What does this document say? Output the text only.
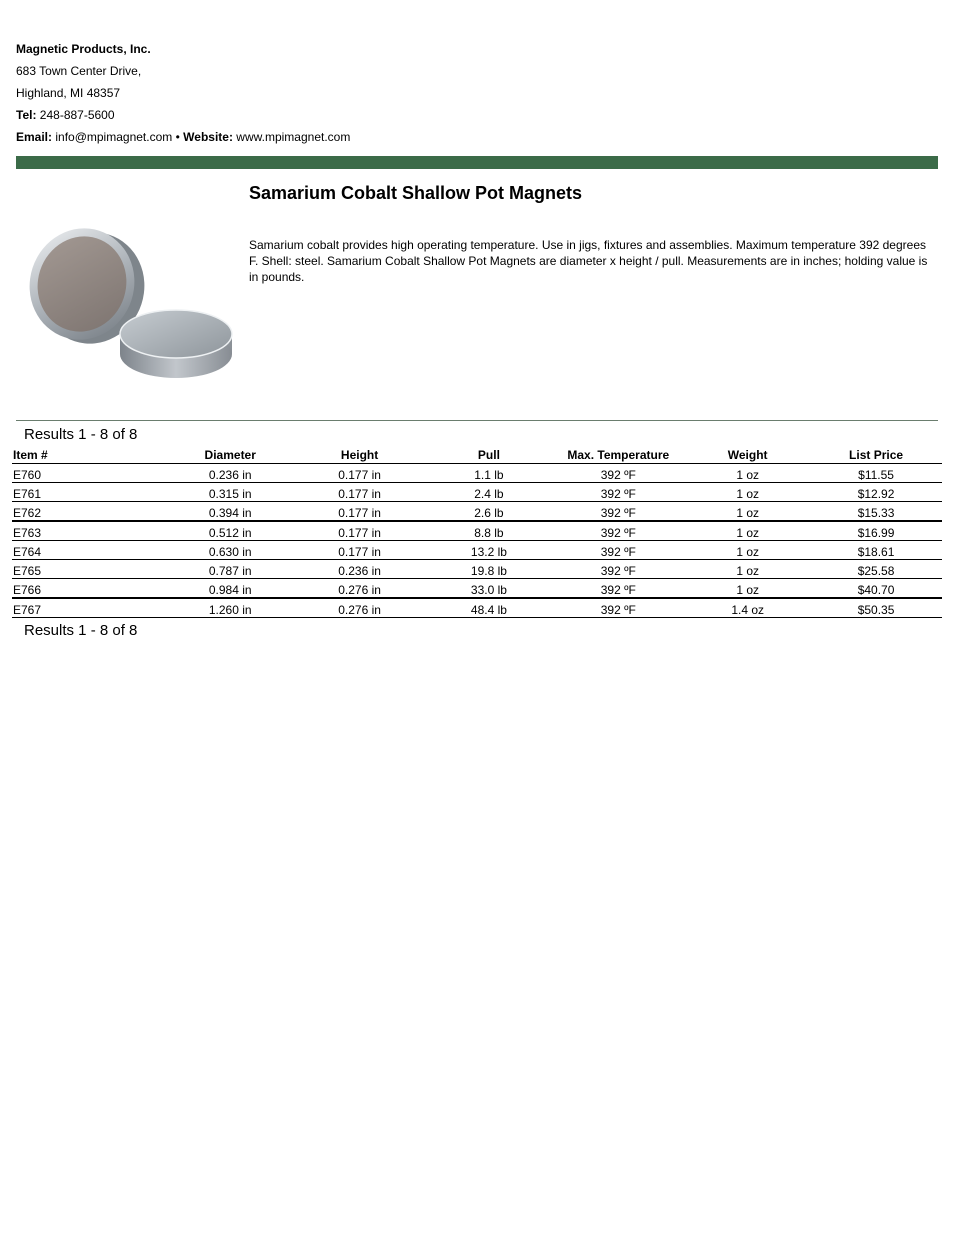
Magnetic Products, Inc.
683 Town Center Drive,
Highland, MI 48357
Tel: 248-887-5600
Email: info@mpimagnet.com • Website: www.mpimagnet.com
Samarium Cobalt Shallow Pot Magnets
Samarium cobalt provides high operating temperature. Use in jigs, fixtures and assemblies. Maximum temperature 392 degrees F. Shell: steel. Samarium Cobalt Shallow Pot Magnets are diameter x height / pull. Measurements are in inches; holding value is in pounds.
Results 1 - 8 of 8
Item #	Diameter	Height	Pull	Max. Temperature	Weight	List Price
E760	0.236 in	0.177 in	1.1 lb	392 ºF	1 oz	$11.55
E761	0.315 in	0.177 in	2.4 lb	392 ºF	1 oz	$12.92
E762	0.394 in	0.177 in	2.6 lb	392 ºF	1 oz	$15.33
E763	0.512 in	0.177 in	8.8 lb	392 ºF	1 oz	$16.99
E764	0.630 in	0.177 in	13.2 lb	392 ºF	1 oz	$18.61
E765	0.787 in	0.236 in	19.8 lb	392 ºF	1 oz	$25.58
E766	0.984 in	0.276 in	33.0 lb	392 ºF	1 oz	$40.70
E767	1.260 in	0.276 in	48.4 lb	392 ºF	1.4 oz	$50.35
Results 1 - 8 of 8
